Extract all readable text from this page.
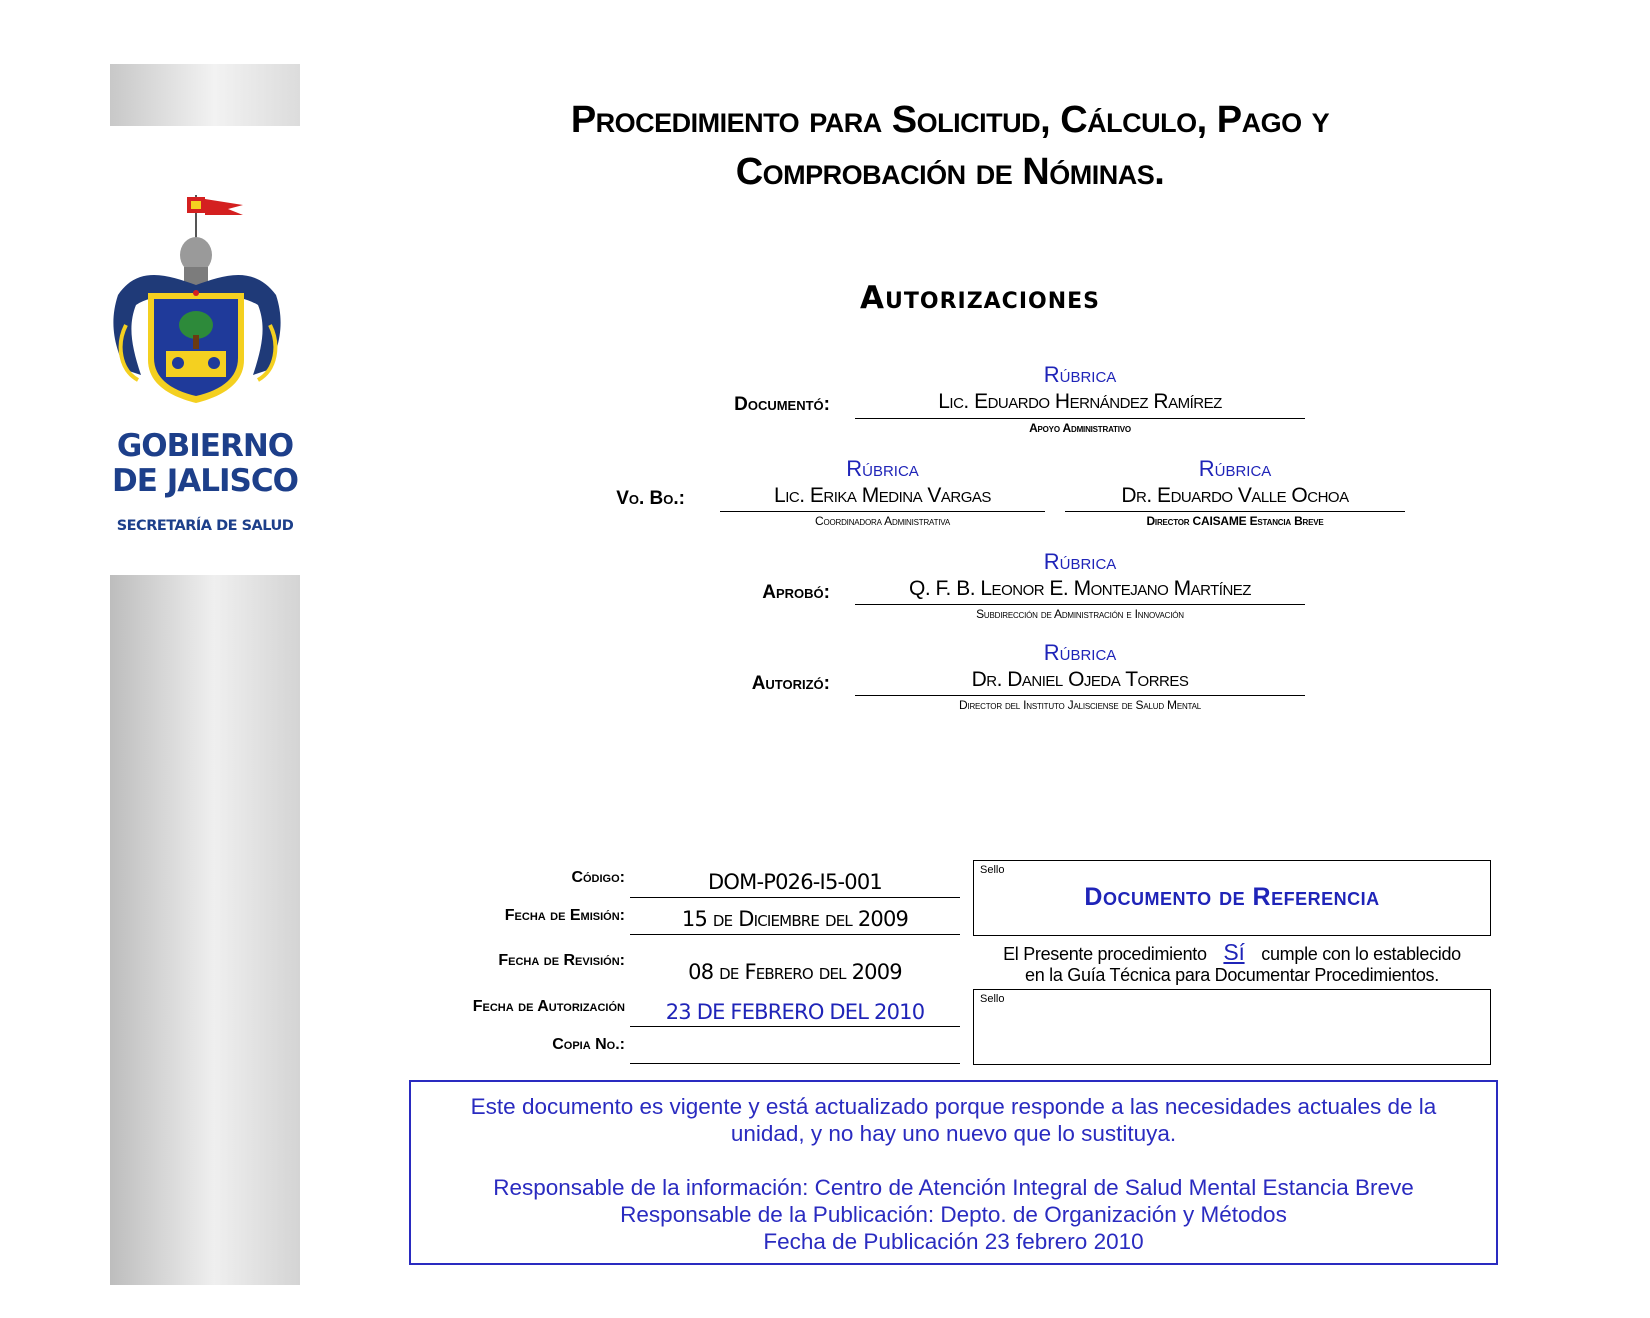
GOBIERNO
DE JALISCO
SECRETARÍA DE SALUD
Procedimiento para Solicitud, Cálculo, Pago y
Comprobación de Nóminas.
Autorizaciones
Rúbrica
Documentó:	Lic. Eduardo Hernández Ramírez
Apoyo Administrativo
Rúbrica	Rúbrica
Vo. Bo.:	Lic. Erika Medina Vargas	Dr. Eduardo Valle Ochoa
Coordinadora Administrativa	Director CAISAME Estancia Breve
Rúbrica
Aprobó:	Q. F. B. Leonor E. Montejano Martínez
Subdirección de Administración e Innovación
Rúbrica
Autorizó:	Dr. Daniel Ojeda Torres
Director del Instituto Jalisciense de Salud Mental
Código:	DOM-P026-I5-001
Fecha de Emisión:	15 de Diciembre del 2009
Fecha de Revisión:	08 de Febrero del 2009
Fecha de Autorización	23 DE FEBRERO DEL 2010
Copia No.:
Sello
Documento de Referencia
El Presente procedimiento Sí cumple con lo establecido
en la Guía Técnica para Documentar Procedimientos.
Sello
Este documento es vigente y está actualizado porque responde a las necesidades actuales de la
unidad, y no hay uno nuevo que lo sustituya.
Responsable de la información: Centro de Atención Integral de Salud Mental Estancia Breve
Responsable de la Publicación: Depto. de Organización y Métodos
Fecha de Publicación 23 febrero 2010
